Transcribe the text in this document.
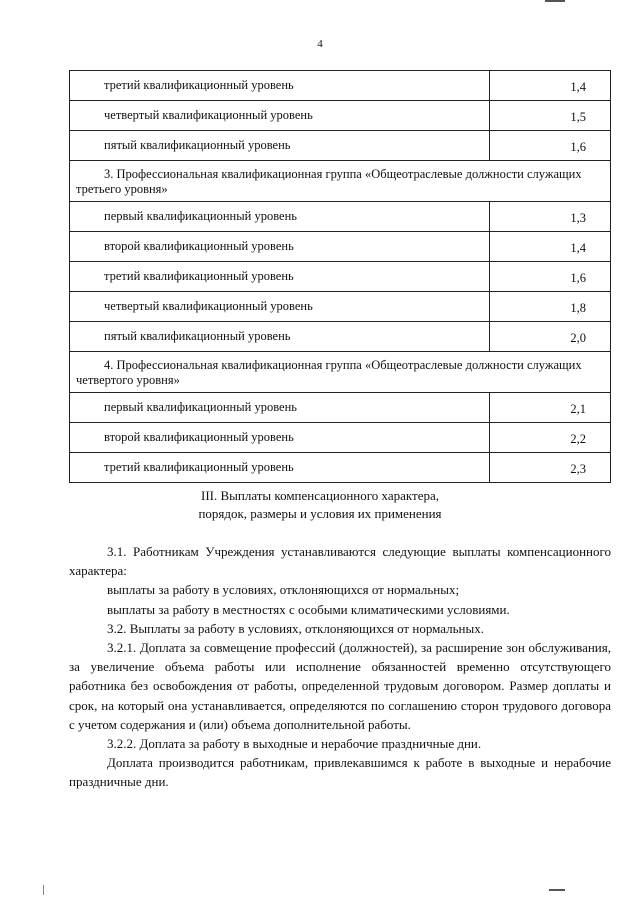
4
третий квалификационный уровень	1,4
четвертый квалификационный уровень	1,5
пятый квалификационный уровень	1,6

3. Профессиональная квалификационная группа «Общеотраслевые должности служащих третьего уровня»	

первый квалификационный уровень	1,3
второй квалификационный уровень	1,4
третий квалификационный уровень	1,6
четвертый квалификационный уровень	1,8
пятый квалификационный уровень	2,0

4. Профессиональная квалификационная группа «Общеотраслевые должности служащих четвертого уровня»	

первый квалификационный уровень	2,1
второй квалификационный уровень	2,2
третий квалификационный уровень	2,3
III. Выплаты компенсационного характера,
порядок, размеры и условия их применения

3.1. Работникам Учреждения устанавливаются следующие выплаты компенсационного характера:

выплаты за работу в условиях, отклоняющихся от нормальных;

выплаты за работу в местностях с особыми климатическими условиями.

3.2. Выплаты за работу в условиях, отклоняющихся от нормальных.

3.2.1. Доплата за совмещение профессий (должностей), за расширение зон обслуживания, за увеличение объема работы или исполнение обязанностей временно отсутствующего работника без освобождения от работы, определенной трудовым договором. Размер доплаты и срок, на который она устанавливается, определяются по соглашению сторон трудового договора с учетом содержания и (или) объема дополнительной работы.

3.2.2. Доплата за работу в выходные и нерабочие праздничные дни.

Доплата производится работникам, привлекавшимся к работе в выходные и нерабочие праздничные дни.
